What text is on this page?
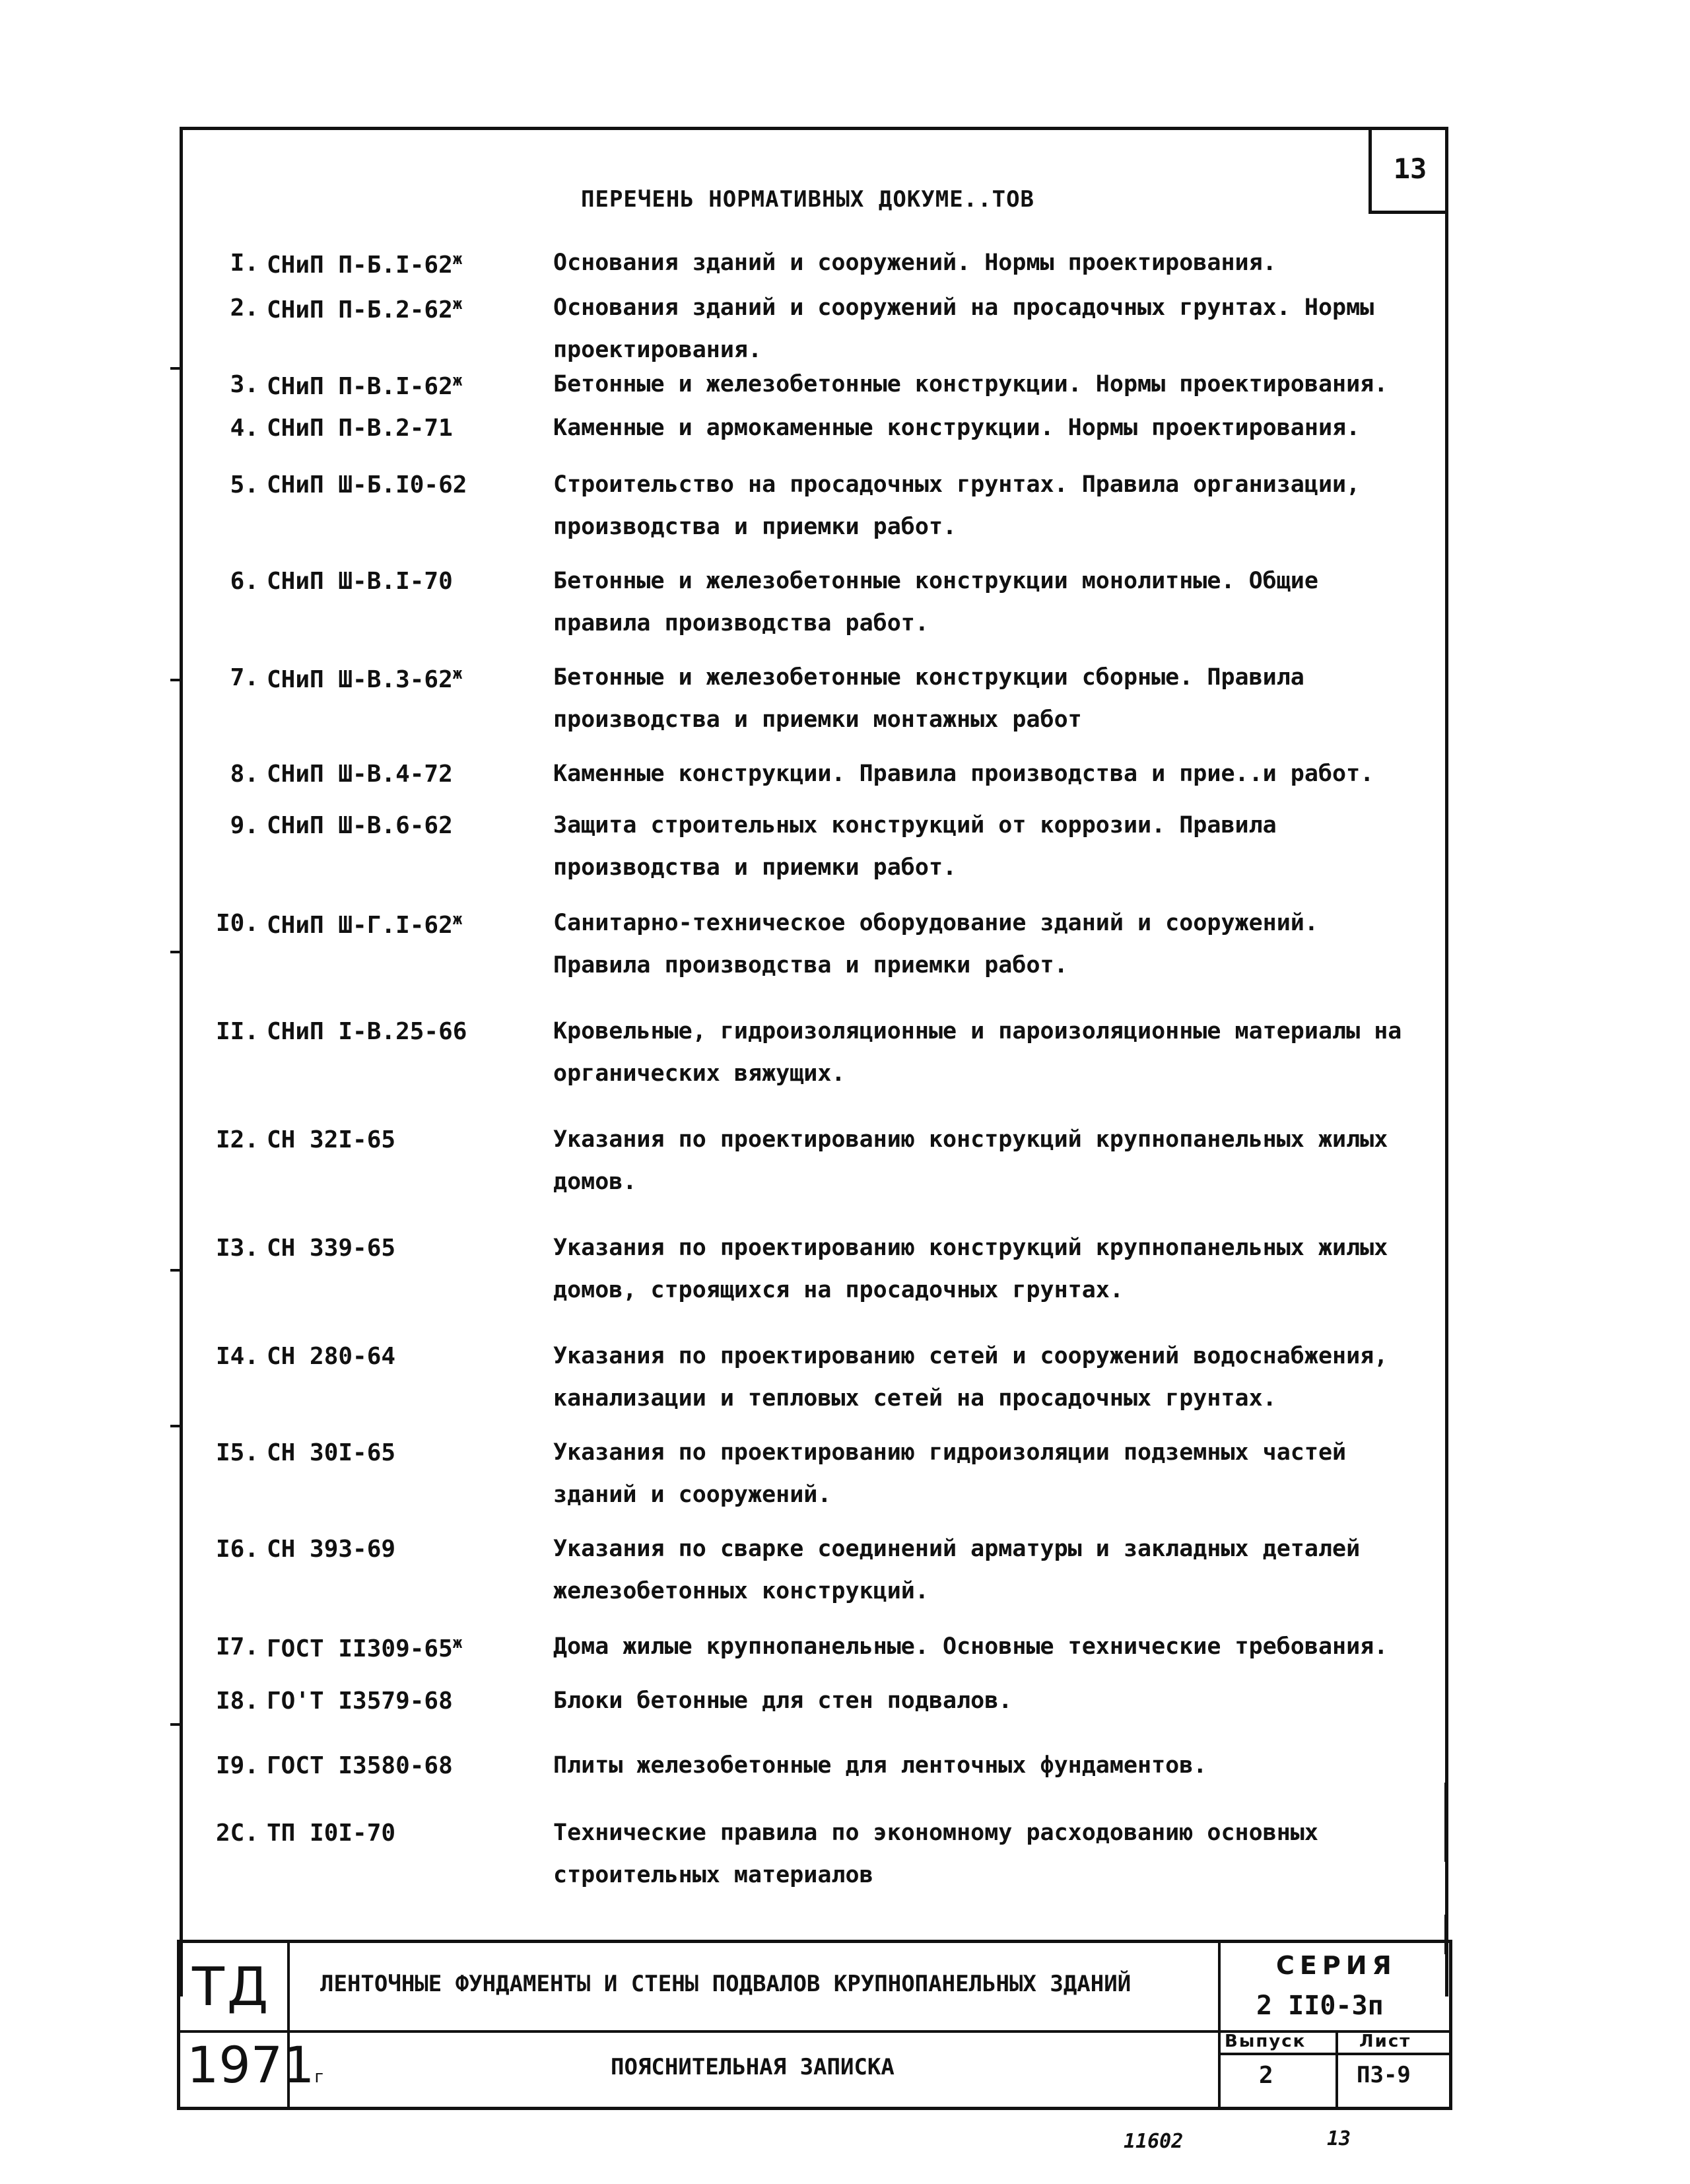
13
ПЕРЕЧЕНЬ НОРМАТИВНЫХ ДОКУМЕ..ТОВ
I. СНиП $П-Б.I-62^ж$	Основания зданий и сооружений. Нормы проектирования.
2. СНиП $П-Б.2-62^ж$	Основания зданий и сооружений на просадочных грунтах. Нормы проектирования.
3. СНиП $П-В.I-62^ж$	Бетонные и железобетонные конструкции. Нормы проектирования.
4. СНиП П-В.2-71	Каменные и армокаменные конструкции. Нормы проектирования.
5. СНиП Ш-Б.I0-62	Строительство на просадочных грунтах. Правила организации, производства и приемки работ.
6. СНиП Ш-В.I-70	Бетонные и железобетонные конструкции монолитные. Общие правила производства работ.
7. СНиП $Ш-В.3-62^ж$	Бетонные и железобетонные конструкции сборные. Правила производства и приемки монтажных работ
8. СНиП Ш-В.4-72	Каменные конструкции. Правила производства и прие..и работ.
9. СНиП Ш-В.6-62	Защита строительных конструкций от коррозии. Правила производства и приемки работ.
I0. СНиП $Ш-Г.I-62^ж$	Санитарно-техническое оборудование зданий и сооружений. Правила производства и приемки работ.
II. СНиП I-В.25-66	Кровельные, гидроизоляционные и пароизоляционные материалы на органических вяжущих.
I2. СН 32I-65	Указания по проектированию конструкций крупнопанельных жилых домов.
I3. СН 339-65	Указания по проектированию конструкций крупнопанельных жилых домов, строящихся на просадочных грунтах.
I4. СН 280-64	Указания по проектированию сетей и сооружений водоснабжения, канализации и тепловых сетей на просадочных грунтах.
I5. СН 30I-65	Указания по проектированию гидроизоляции подземных частей зданий и сооружений.
I6. СН 393-69	Указания по сварке соединений арматуры и закладных деталей железобетонных конструкций.
I7. ГОСТ $II309-65^ж$	Дома жилые крупнопанельные. Основные технические требования.
I8. ГО'Т I3579-68	Блоки бетонные для стен подвалов.
I9. ГОСТ I3580-68	Плиты железобетонные для ленточных фундаментов.
2С. ТП I0I-70	Технические правила по экономному расходованию основных строительных материалов
ТД
1971г
ЛЕНТОЧНЫЕ ФУНДАМЕНТЫ И СТЕНЫ ПОДВАЛОВ КРУПНОПАНЕЛЬНЫХ ЗДАНИЙ
ПОЯСНИТЕЛЬНАЯ ЗАПИСКА
СЕРИЯ
2 II0-3п
Выпуск
2
Лист
ПЗ-9
11602	13
